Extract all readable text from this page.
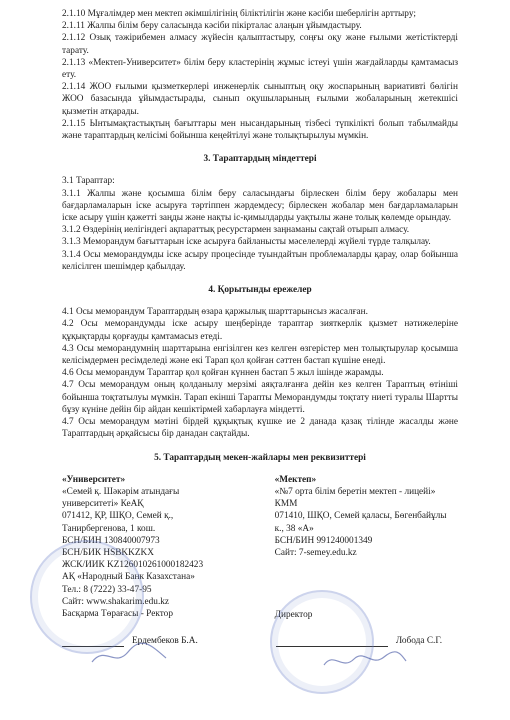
2.1.10 Мұғалімдер мен мектеп әкімшілігінің біліктілігін және кәсіби шеберлігін арттыру;

2.1.11 Жалпы білім беру саласында кәсіби пікірталас алаңын ұйымдастыру.

2.1.12 Озық тәжірибемен алмасу жүйесін қалыптастыру, соңғы оқу және ғылыми жетістіктерді тарату.

2.1.13 «Мектеп-Университет» білім беру кластерінің жұмыс істеуі үшін жағдайларды қамтамасыз ету.

2.1.14 ЖОО ғылыми қызметкерлері инженерлік сыныптың оқу жоспарының вариативті бөлігін ЖОО базасында ұйымдастырады, сынып оқушыларының ғылыми жобаларының жетекшісі қызметін атқарады.

2.1.15 Ынтымақтастықтың бағыттары мен нысандарының тізбесі түпкілікті болып табылмайды және тараптардың келісімі бойынша кеңейтілуі және толықтырылуы мүмкін.

3. Тараптардың міндеттері

3.1 Тараптар:

3.1.1 Жалпы және қосымша білім беру саласындағы бірлескен білім беру жобалары мен бағдарламаларын іске асыруға тәртіппен жәрдемдесу; бірлескен жобалар мен бағдарламаларын іске асыру үшін қажетті заңды және нақты іс-қимылдарды уақтылы және толық көлемде орындау.

3.1.2 Өздерінің иелігіндегі ақпараттық ресурстармен заңнаманы сақтай отырып алмасу.

3.1.3 Меморандум бағыттарын іске асыруға байланысты мәселелерді жүйелі түрде талқылау.

3.1.4 Осы меморандумды іске асыру процесінде туындайтын проблемаларды қарау, олар бойынша келісілген шешімдер қабылдау.

4. Қорытынды ережелер

4.1 Осы меморандум Тараптардың өзара қаржылық шарттарынсыз жасалған.

4.2 Осы меморандумды іске асыру шеңберінде тараптар зияткерлік қызмет нәтижелеріне құқықтарды қорғауды қамтамасыз етеді.

4.3 Осы меморандумнің шарттарына енгізілген кез келген өзгерістер мен толықтырулар қосымша келісімдермен ресімделеді және екі Тарап қол қойған сәттен бастап күшіне енеді.

4.6 Осы меморандум Тараптар қол қойған күннен бастап 5 жыл ішінде жарамды.

4.7 Осы меморандум оның қолданылу мерзімі аяқталғанға дейін кез келген Тараптың өтініші бойынша тоқтатылуы мүмкін. Тарап екінші Тарапты Меморандумды тоқтату ниеті туралы Шартты бұзу күніне дейін бір айдан кешіктірмей хабарлауға міндетті.

4.7 Осы меморандум мәтіні бірдей құқықтық күшке ие 2 данада қазақ тілінде жасалды және Тараптардың әрқайсысы бір данадан сақтайды.

5. Тараптардың мекен-жайлары мен реквизиттері

«Университет»

«Семей қ. Шәкәрім атындағы

университеті» КеАҚ

071412, ҚР, ШҚО, Семей қ.,

Танирбергенова, 1 кош.

БСН/БИН 130840007973

БСН/БИК HSBKKZKX

ЖСК/ИИК KZ126010261000182423

АҚ «Народный Банк Казахстана»

Тел.: 8 (7222) 33-47-95

Сайт: www.shakarim.edu.kz

Басқарма Төрағасы - Ректор

«Мектеп»

«№7 орта білім беретін мектеп - лицейі»

КММ

071410, ШҚО, Семей қаласы, Бөгенбайұлы

к., 38 «А»

БСН/БИН 991240001349

Сайт: 7-semey.edu.kz

Директор

Ердембеков Б.А.	Лобода С.Г.
